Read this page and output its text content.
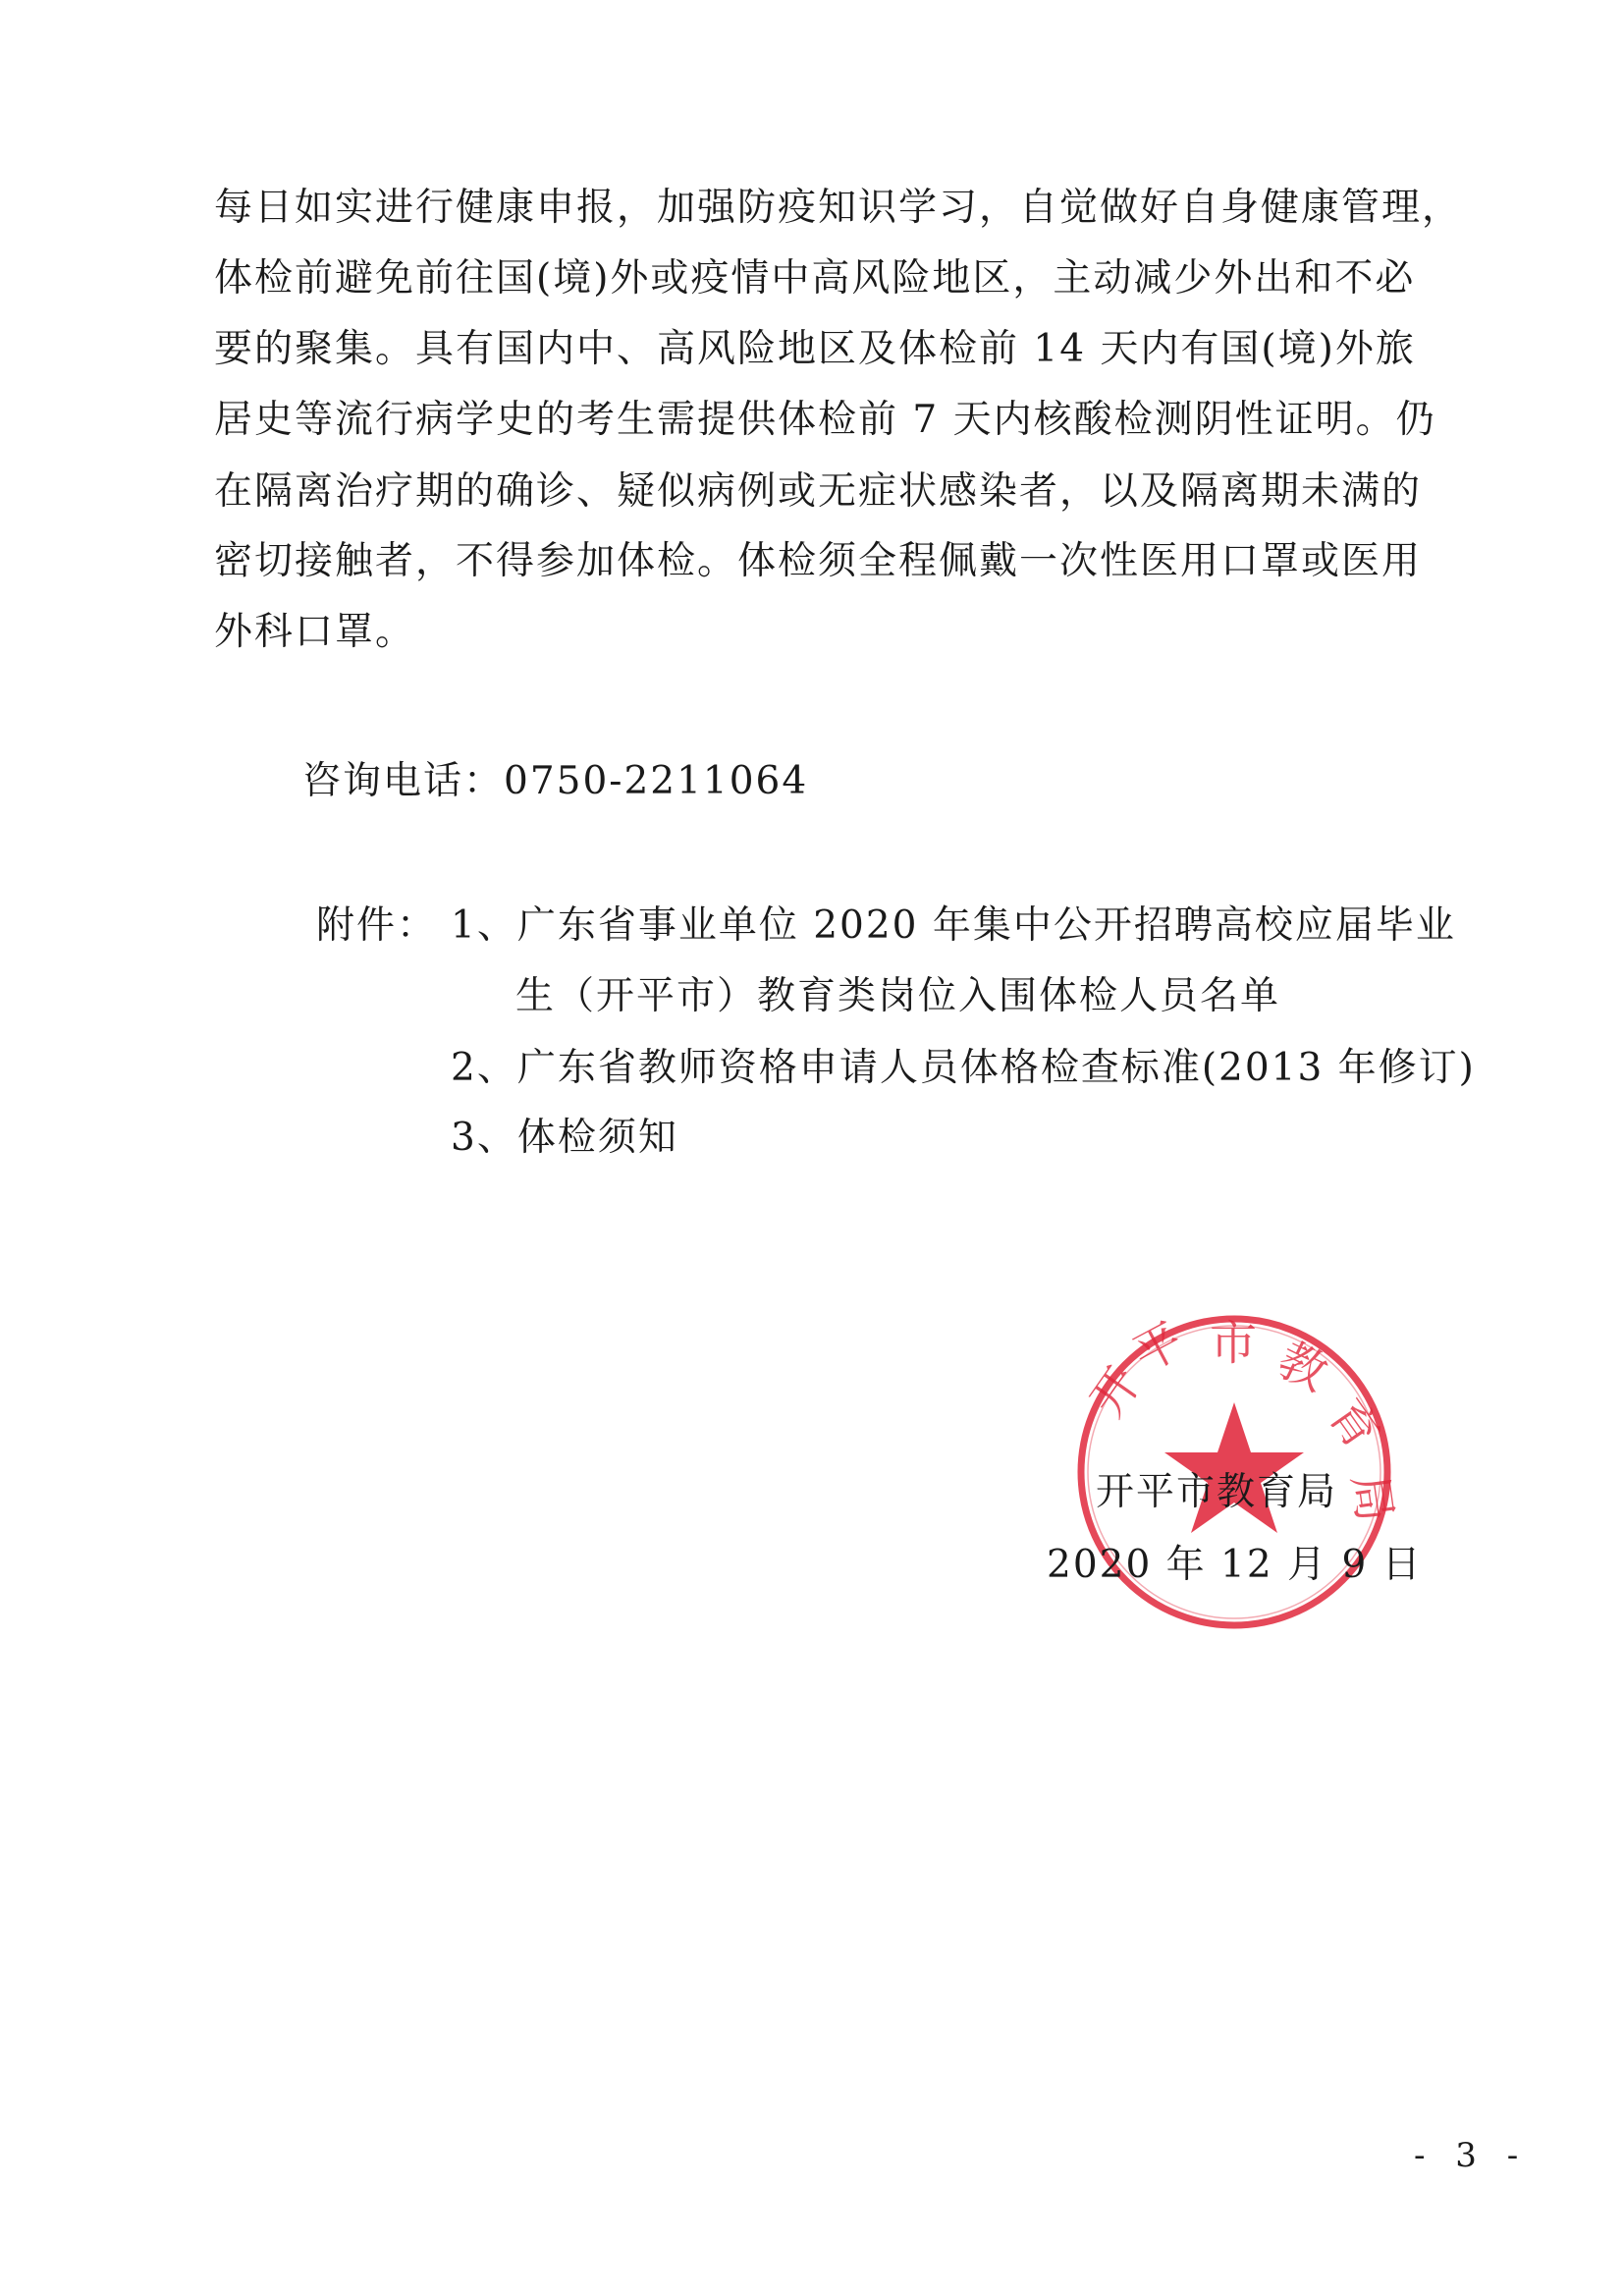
每日如实进行健康申报，加强防疫知识学习，自觉做好自身健康管理，
体检前避免前往国(境)外或疫情中高风险地区，主动减少外出和不必
要的聚集。具有国内中、高风险地区及体检前 14 天内有国(境)外旅
居史等流行病学史的考生需提供体检前 7 天内核酸检测阴性证明。仍
在隔离治疗期的确诊、疑似病例或无症状感染者，以及隔离期未满的
密切接触者，不得参加体检。体检须全程佩戴一次性医用口罩或医用
外科口罩。
咨询电话：0750-2211064
附件： 1、广东省事业单位 2020 年集中公开招聘高校应届毕业
生（开平市）教育类岗位入围体检人员名单
2、广东省教师资格申请人员体格检查标准(2013 年修订)
3、体检须知
开
平 市 教
育
局
开平市教育局
2020 年 12 月 9 日
- 3 -
